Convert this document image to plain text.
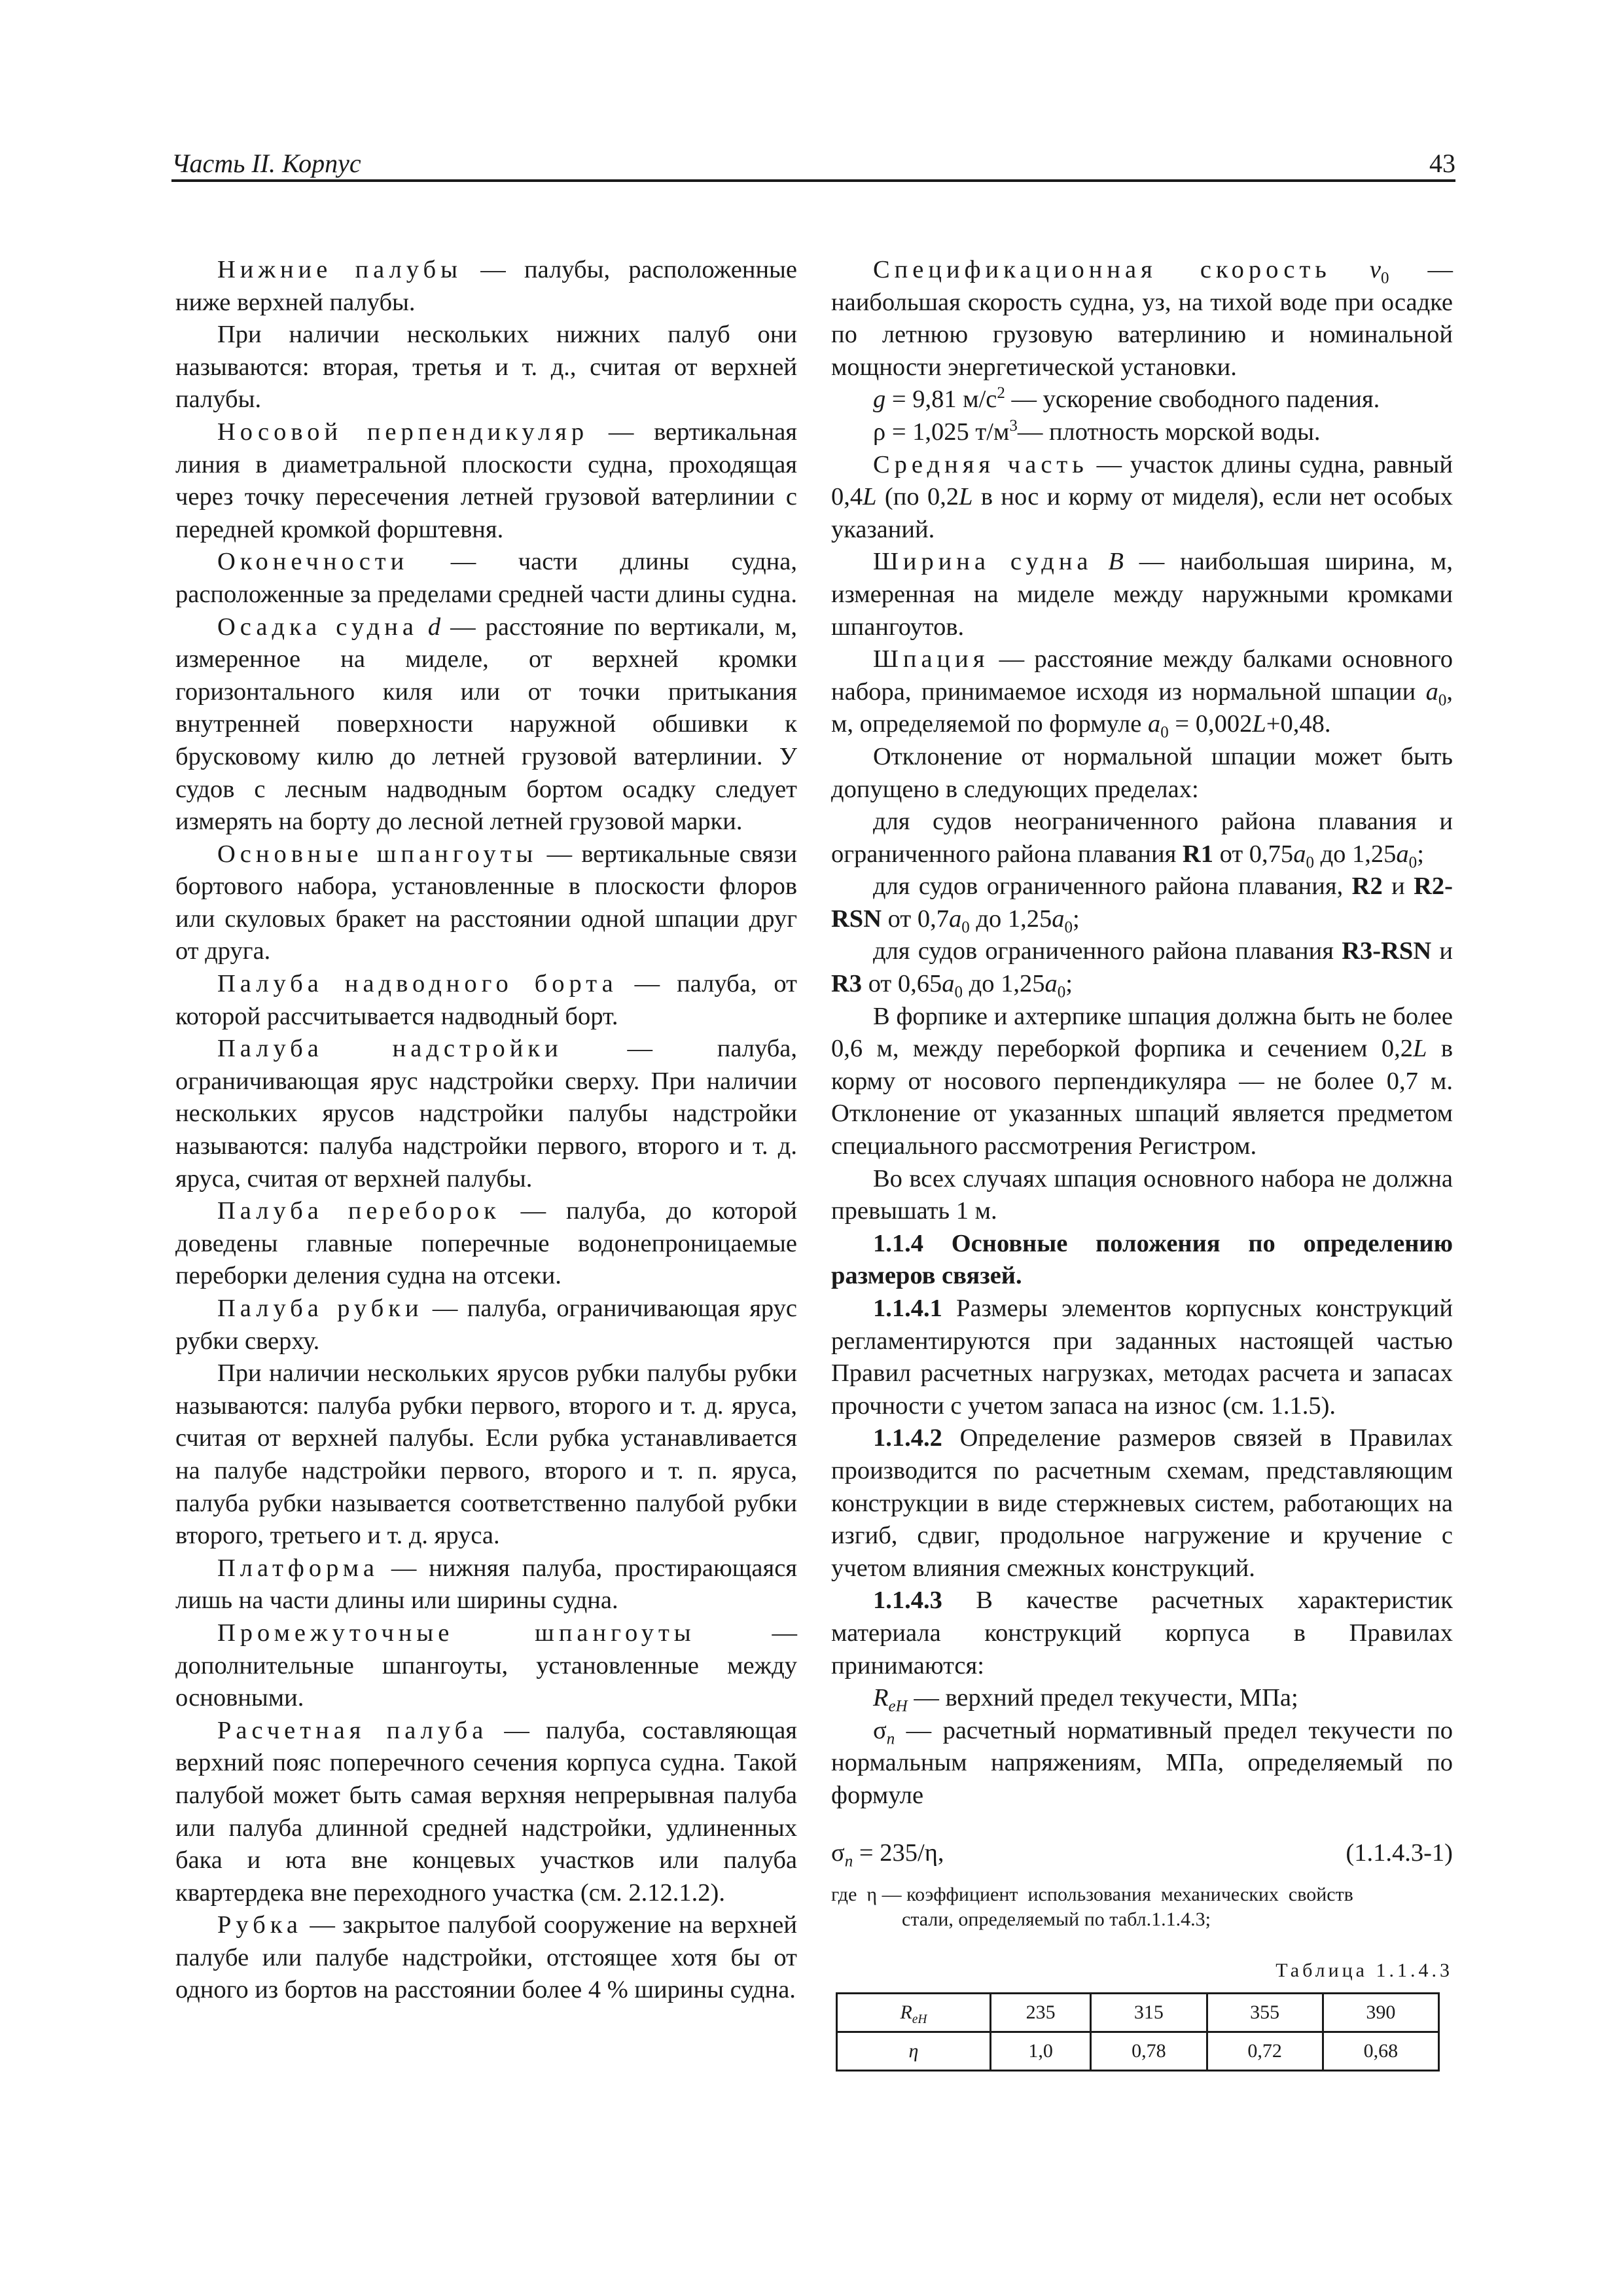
Часть II. Корпус	43

Нижние палубы — палубы, расположенные ниже верхней палубы.

При наличии нескольких нижних палуб они называются: вторая, третья и т. д., считая от верхней палубы.

Носовой перпендикуляр — вертикальная линия в диаметральной плоскости судна, проходящая через точку пересечения летней грузовой ватерлинии с передней кромкой форштевня.

Оконечности — части длины судна, расположенные за пределами средней части длины судна.

Осадка судна d — расстояние по вертикали, м, измеренное на миделе, от верхней кромки горизонтального киля или от точки притыкания внутренней поверхности наружной обшивки к брусковому килю до летней грузовой ватерлинии. У судов с лесным надводным бортом осадку следует измерять на борту до лесной летней грузовой марки.

Основные шпангоуты — вертикальные связи бортового набора, установленные в плоскости флоров или скуловых бракет на расстоянии одной шпации друг от друга.

Палуба надводного борта — палуба, от которой рассчитывается надводный борт.

Палуба надстройки — палуба, ограничивающая ярус надстройки сверху. При наличии нескольких ярусов надстройки палубы надстройки называются: палуба надстройки первого, второго и т. д. яруса, считая от верхней палубы.

Палуба переборок — палуба, до которой доведены главные поперечные водонепроницаемые переборки деления судна на отсеки.

Палуба рубки — палуба, ограничивающая ярус рубки сверху.

При наличии нескольких ярусов рубки палубы рубки называются: палуба рубки первого, второго и т. д. яруса, считая от верхней палубы. Если рубка устанавливается на палубе надстройки первого, второго и т. п. яруса, палуба рубки называется соответственно палубой рубки второго, третьего и т. д. яруса.

Платформа — нижняя палуба, простирающаяся лишь на части длины или ширины судна.

Промежуточные шпангоуты — дополнительные шпангоуты, установленные между основными.

Расчетная палуба — палуба, составляющая верхний пояс поперечного сечения корпуса судна. Такой палубой может быть самая верхняя непрерывная палуба или палуба длинной средней надстройки, удлиненных бака и юта вне концевых участков или палуба квартердека вне переходного участка (см. 2.12.1.2).

Рубка — закрытое палубой сооружение на верхней палубе или палубе надстройки, отстоящее хотя бы от одного из бортов на расстоянии более 4 % ширины судна.

Спецификационная скорость $v_0$ — наибольшая скорость судна, уз, на тихой воде при осадке по летнюю грузовую ватерлинию и номинальной мощности энергетической установки.

g = 9,81 $м/с^2$ — ускорение свободного падения.

ρ = 1,025 $т/м^3—$ плотность морской воды.

Средняя часть — участок длины судна, равный 0,4L (по 0,2L в нос и корму от миделя), если нет особых указаний.

Ширина судна B — наибольшая ширина, м, измеренная на миделе между наружными кромками шпангоутов.

Шпация — расстояние между балками основного набора, принимаемое исходя из нормальной шпации $a_0$, м, определяемой по формуле $a_0 = 0,002L+0,48$.

Отклонение от нормальной шпации может быть допущено в следующих пределах:

для судов неограниченного района плавания и ограниченного района плавания R1 от $0,75a_0$ до $1,25a_0$;

для судов ограниченного района плавания, R2 и R2-RSN от $0,7a_0$ до $1,25a_0$;

для судов ограниченного района плавания R3-RSN и R3 от $0,65a_0$ до $1,25a_0$;

В форпике и ахтерпике шпация должна быть не более 0,6 м, между переборкой форпика и сечением 0,2L в корму от носового перпендикуляра — не более 0,7 м. Отклонение от указанных шпаций является предметом специального рассмотрения Регистром.

Во всех случаях шпация основного набора не должна превышать 1 м.

1.1.4 Основные положения по определению размеров связей.

1.1.4.1 Размеры элементов корпусных конструкций регламентируются при заданных настоящей частью Правил расчетных нагрузках, методах расчета и запасах прочности с учетом запаса на износ (см. 1.1.5).

1.1.4.2 Определение размеров связей в Правилах производится по расчетным схемам, представляющим конструкции в виде стержневых систем, работающих на изгиб, сдвиг, продольное нагружение и кручение с учетом влияния смежных конструкций.

1.1.4.3 В качестве расчетных характеристик материала конструкций корпуса в Правилах принимаются:

$R_{eH}$ — верхний предел текучести, МПа;

$\sigma_n$ — расчетный нормативный предел текучести по нормальным напряжениям, МПа, определяемый по формуле

$\sigma_n = 235/\eta$,	(1.1.4.3-1)
где  η — коэффициент  использования  механических  свойств
стали, определяемый по табл.1.1.4.3;
Таблица 1.1.4.3
$R_{eH}$	235	315	355	390
η	1,0	0,78	0,72	0,68
